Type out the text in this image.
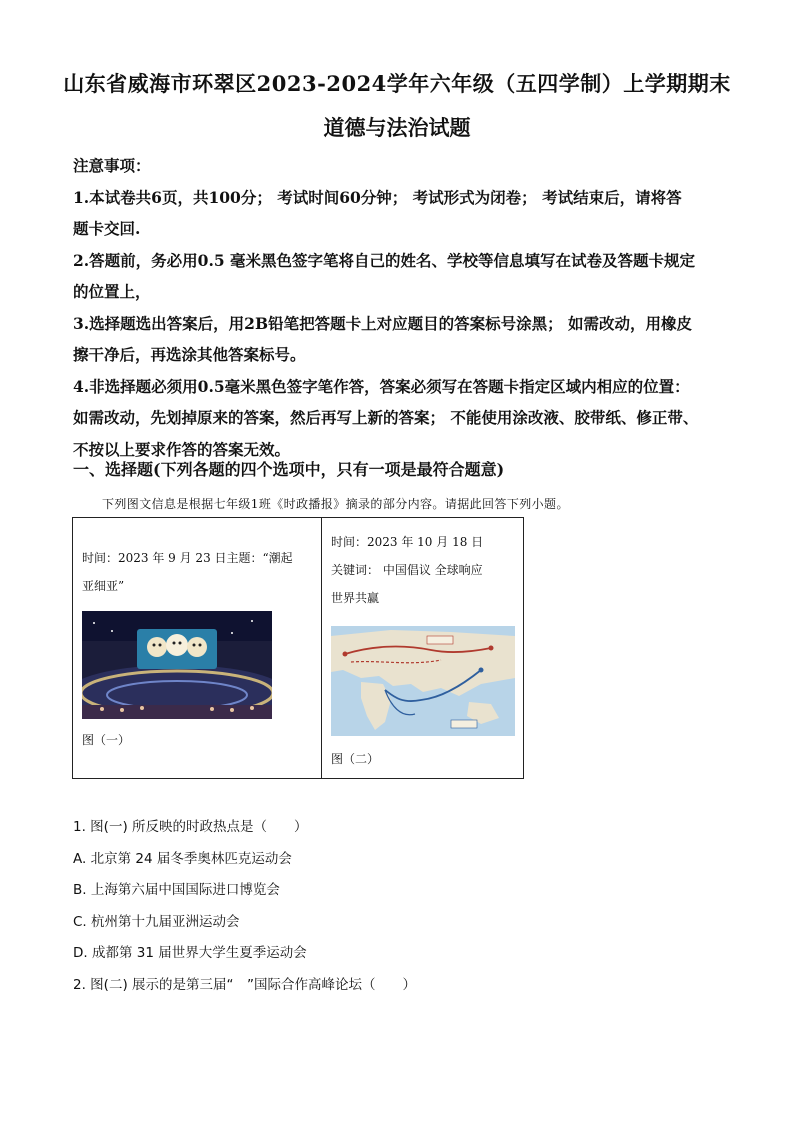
山东省威海市环翠区2023-2024学年六年级（五四学制）上学期期末
道德与法治试题

注意事项：

1.本试卷共6页，共100分； 考试时间60分钟； 考试形式为闭卷； 考试结束后，请将答

题卡交回.

2.答题前，务必用0.5 毫米黑色签字笔将自己的姓名、学校等信息填写在试卷及答题卡规定

的位置上，

3.选择题选出答案后，用2B铅笔把答题卡上对应题目的答案标号涂黑； 如需改动，用橡皮

擦干净后，再选涂其他答案标号。

4.非选择题必须用0.5毫米黑色签字笔作答，答案必须写在答题卡指定区域内相应的位置：

如需改动，先划掉原来的答案，然后再写上新的答案； 不能使用涂改液、胶带纸、修正带、

不按以上要求作答的答案无效。

一、选择题(下列各题的四个选项中，只有一项是最符合题意)
下列图文信息是根据七年级1班《时政播报》摘录的部分内容。请据此回答下列小题。
时间：2023 年 9 月 23 日主题：“潮起
亚细亚”
图（一）
时间：2023 年 10 月 18 日
关键词： 中国倡议 全球响应
世界共赢
图（二）

1. 图(一) 所反映的时政热点是（　　）

A. 北京第 24 届冬季奥林匹克运动会

B. 上海第六届中国国际进口博览会

C. 杭州第十九届亚洲运动会

D. 成都第 31 届世界大学生夏季运动会

2. 图(二) 展示的是第三届“　”国际合作高峰论坛（　　）
